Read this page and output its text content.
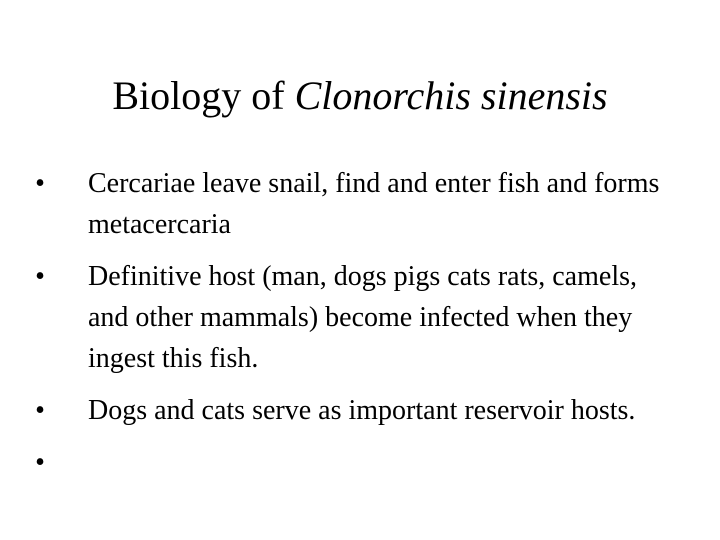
Biology of Clonorchis sinensis
• Cercariae leave snail, find and enter fish and forms metacercaria
• Definitive host (man, dogs pigs cats rats, camels, and other mammals) become infected when they ingest this fish.
• Dogs and cats serve as important reservoir hosts.
•
